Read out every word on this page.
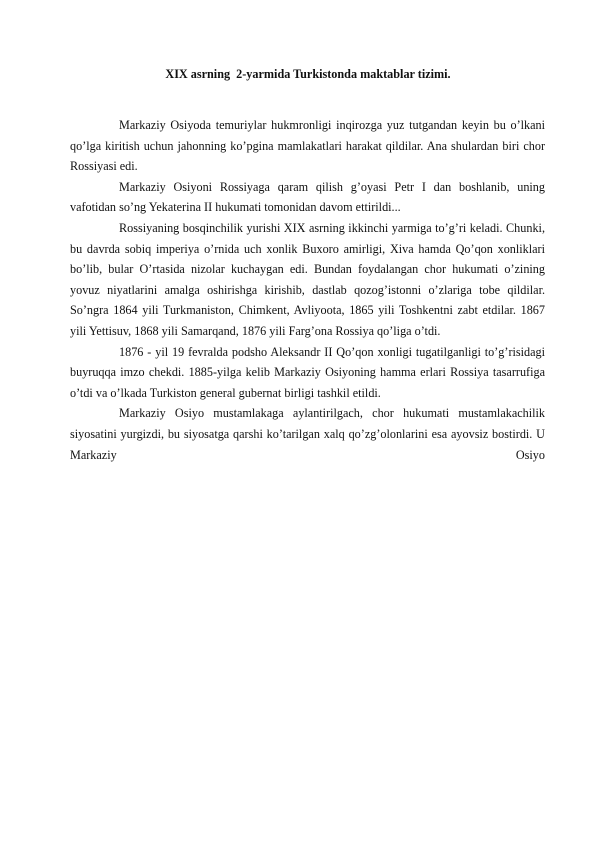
XIX asrning  2-yarmida Turkistonda maktablar tizimi.

Markaziy Osiyoda temuriylar hukmronligi inqirozga yuz tutgandan keyin bu o’lkani qo’lga kiritish uchun jahonning ko’pgina mamlakatlari harakat qildilar. Ana shulardan biri chor Rossiyasi edi.

Markaziy Osiyoni Rossiyaga qaram qilish g’oyasi Petr I dan boshlanib, uning vafotidan so’ng Yekaterina II hukumati tomonidan davom ettirildi...

Rossiyaning bosqinchilik yurishi XIX asrning ikkinchi yarmiga to’g’ri keladi. Chunki, bu davrda sobiq imperiya o’rnida uch xonlik Buxoro amirligi, Xiva hamda Qo’qon xonliklari bo’lib, bular O’rtasida nizolar kuchaygan edi. Bundan foydalangan chor hukumati o’zining yovuz niyatlarini amalga oshirishga kirishib, dastlab qozog’istonni o’zlariga tobe qildilar. So’ngra 1864 yili Turkmaniston, Chimkent, Avliyoota, 1865 yili Toshkentni zabt etdilar. 1867 yili Yettisuv, 1868 yili Samarqand, 1876 yili Farg’ona Rossiya qo’liga o’tdi.

1876 - yil 19 fevralda podsho Aleksandr II Qo’qon xonligi tugatilganligi to’g’risidagi buyruqqa imzo chekdi. 1885-yilga kelib Markaziy Osiyoning hamma erlari Rossiya tasarrufiga o’tdi va o’lkada Turkiston general gubernat birligi tashkil etildi.

Markaziy Osiyo mustamlakaga aylantirilgach, chor hukumati mustamlakachilik siyosatini yurgizdi, bu siyosatga qarshi ko’tarilgan xalq qo’zg’olonlarini esa ayovsiz bostirdi. U Markaziy Osiyo
